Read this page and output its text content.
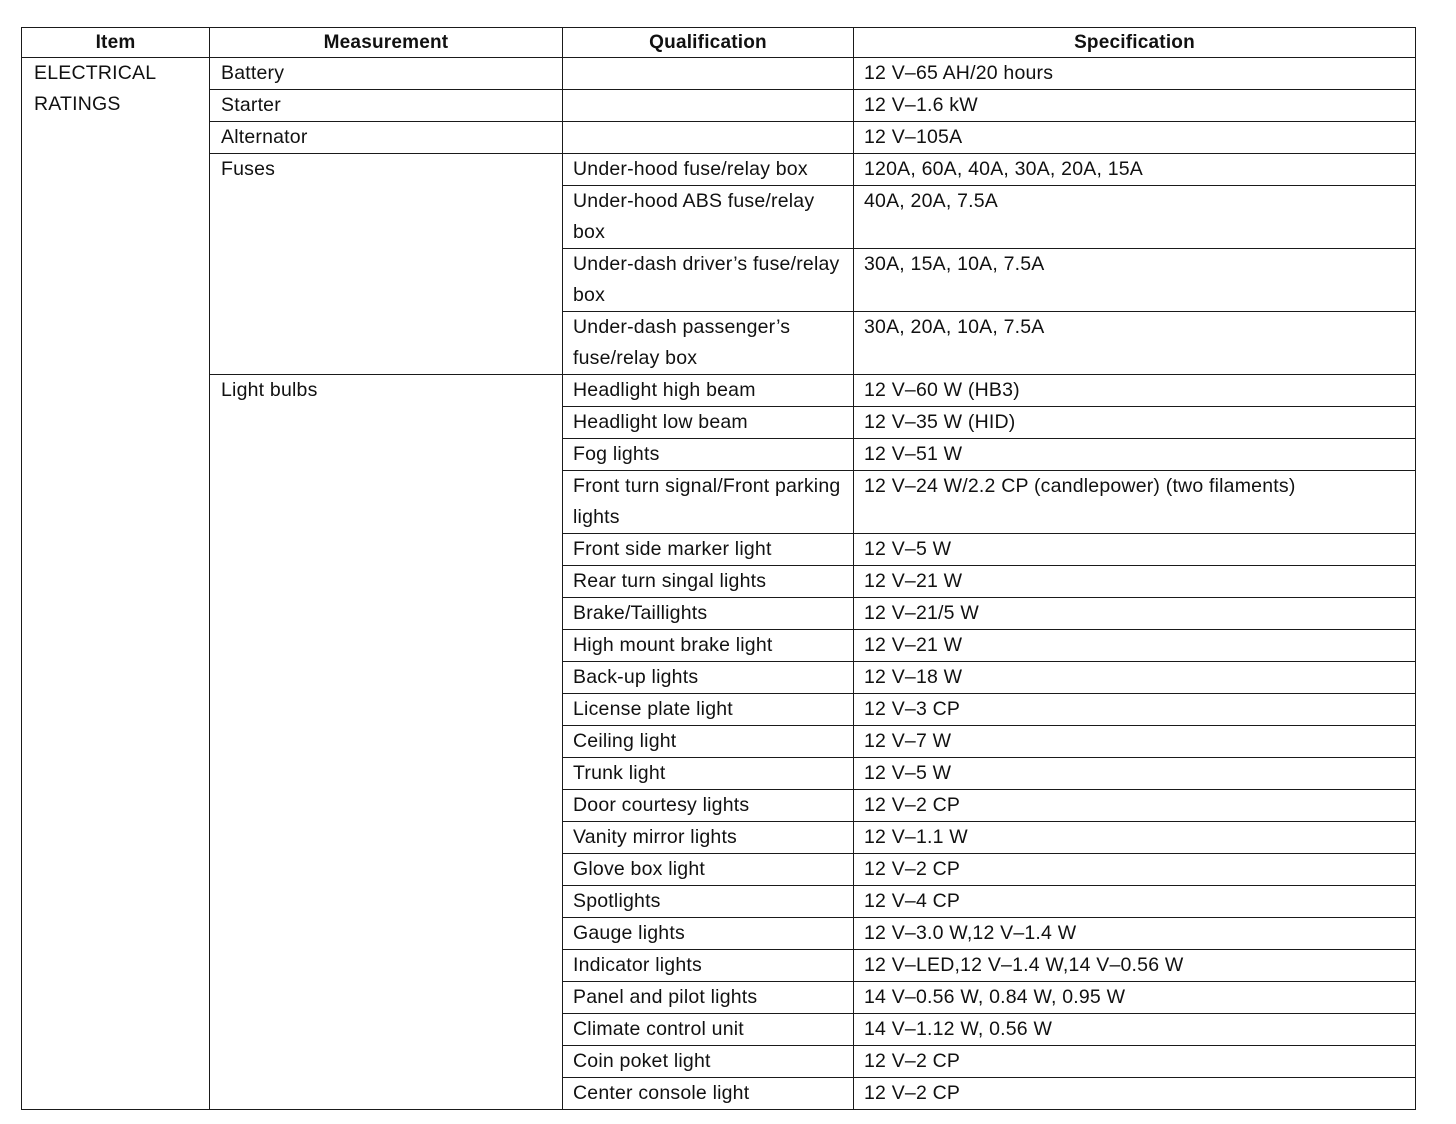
Item	Measurement	Qualification	Specification

ELECTRICAL
RATINGS	Battery		12 V–65 AH/20 hours
	Starter		12 V–1.6 kW
	Alternator		12 V–105A
	Fuses	Under-hood fuse/relay box	120A, 60A, 40A, 30A, 20A, 15A
		Under-hood ABS fuse/relay box	40A, 20A, 7.5A
		Under-dash driver’s fuse/relay box	30A, 15A, 10A, 7.5A
		Under-dash passenger’s fuse/relay box	30A, 20A, 10A, 7.5A
	Light bulbs	Headlight high beam	12 V–60 W (HB3)
		Headlight low beam	12 V–35 W (HID)
		Fog lights	12 V–51 W
		Front turn signal/Front parking lights	12 V–24 W/2.2 CP (candlepower) (two filaments)
		Front side marker light	12 V–5 W
		Rear turn singal lights	12 V–21 W
		Brake/Taillights	12 V–21/5 W
		High mount brake light	12 V–21 W
		Back-up lights	12 V–18 W
		License plate light	12 V–3 CP
		Ceiling light	12 V–7 W
		Trunk light	12 V–5 W
		Door courtesy lights	12 V–2 CP
		Vanity mirror lights	12 V–1.1 W
		Glove box light	12 V–2 CP
		Spotlights	12 V–4 CP
		Gauge lights	12 V–3.0 W,12 V–1.4 W
		Indicator lights	12 V–LED,12 V–1.4 W,14 V–0.56 W
		Panel and pilot lights	14 V–0.56 W, 0.84 W, 0.95 W
		Climate control unit	14 V–1.12 W, 0.56 W
		Coin poket light	12 V–2 CP
		Center console light	12 V–2 CP
